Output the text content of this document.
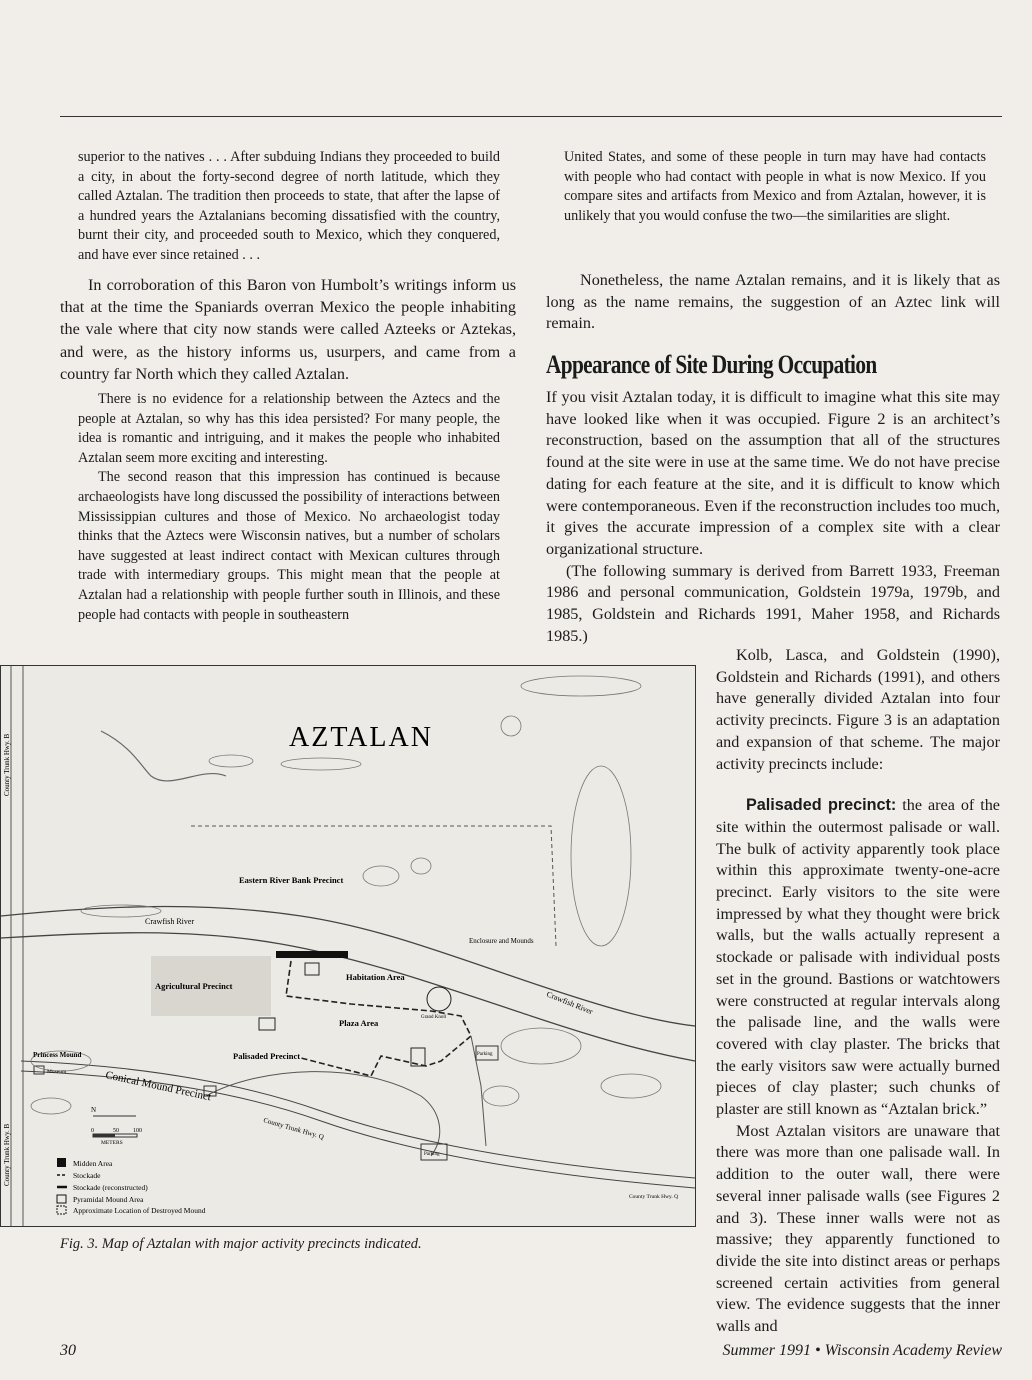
superior to the natives . . . After subduing Indians they proceeded to build a city, in about the forty-second degree of north latitude, which they called Aztalan. The tradition then proceeds to state, that after the lapse of a hundred years the Aztalanians becoming dissatisfied with the country, burnt their city, and proceeded south to Mexico, which they conquered, and have ever since retained . . .

In corroboration of this Baron von Humbolt’s writings inform us that at the time the Spaniards overran Mexico the people inhabiting the vale where that city now stands were called Azteeks or Aztekas, and were, as the history informs us, usurpers, and came from a country far North which they called Aztalan.

There is no evidence for a relationship between the Aztecs and the people at Aztalan, so why has this idea persisted? For many people, the idea is romantic and intriguing, and it makes the people who inhabited Aztalan seem more exciting and interesting.

The second reason that this impression has continued is because archaeologists have long discussed the possibility of interactions between Mississippian cultures and those of Mexico. No archaeologist today thinks that the Aztecs were Wisconsin natives, but a number of scholars have suggested at least indirect contact with Mexican cultures through trade with intermediary groups. This might mean that the people at Aztalan had a relationship with people further south in Illinois, and these people had contacts with people in southeastern

United States, and some of these people in turn may have had contacts with people who had contact with people in what is now Mexico. If you compare sites and artifacts from Mexico and from Aztalan, however, it is unlikely that you would confuse the two—the similarities are slight.

Nonetheless, the name Aztalan remains, and it is likely that as long as the name remains, the suggestion of an Aztec link will remain.

Appearance of Site During Occupation

If you visit Aztalan today, it is difficult to imagine what this site may have looked like when it was occupied. Figure 2 is an architect’s reconstruction, based on the assumption that all of the structures found at the site were in use at the same time. We do not have precise dating for each feature at the site, and it is difficult to know which were contemporaneous. Even if the reconstruction includes too much, it gives the accurate impression of a complex site with a clear organizational structure.

(The following summary is derived from Barrett 1933, Freeman 1986 and personal communication, Goldstein 1979a, 1979b, and 1985, Goldstein and Richards 1991, Maher 1958, and Richards 1985.)

Kolb, Lasca, and Goldstein (1990), Goldstein and Richards (1991), and others have generally divided Aztalan into four activity precincts. Figure 3 is an adaptation and expansion of that scheme. The major activity precincts include:

Palisaded precinct: the area of the site within the outermost palisade or wall. The bulk of activity apparently took place within this approximate twenty-one-acre precinct. Early visitors to the site were impressed by what they thought were brick walls, but the walls actually represent a stockade or palisade with individual posts set in the ground. Bastions or watchtowers were constructed at regular intervals along the palisade line, and the walls were covered with clay plaster. The bricks that the early visitors saw were actually burned pieces of clay plaster; such chunks of plaster are still known as “Aztalan brick.”

Most Aztalan visitors are unaware that there was more than one palisade wall. In addition to the outer wall, there were several inner palisade walls (see Figures 2 and 3). These inner walls were not as massive; they apparently functioned to divide the site into distinct areas or perhaps screened certain activities from general view. The evidence suggests that the inner walls and

County Trunk Hwy. B
County Trunk Hwy. B
AZTALAN
Eastern River Bank Precinct
Crawfish River
Enclosure and Mounds
Habitation Area
Agricultural Precinct
Crawfish River
Grand Knoll
Plaza Area
Palisaded Precinct
Princess Mound
Museum	Conical Mound Precinct
Parking
Parking
County Trunk Hwy. Q
County Trunk Hwy. Q
N
0	50 100
METERS
Midden Area
Stockade
Stockade (reconstructed)
Pyramidal Mound Area
Approximate Location of Destroyed Mound
Fig. 3. Map of Aztalan with major activity precincts indicated.
30	Summer 1991 • Wisconsin Academy Review
